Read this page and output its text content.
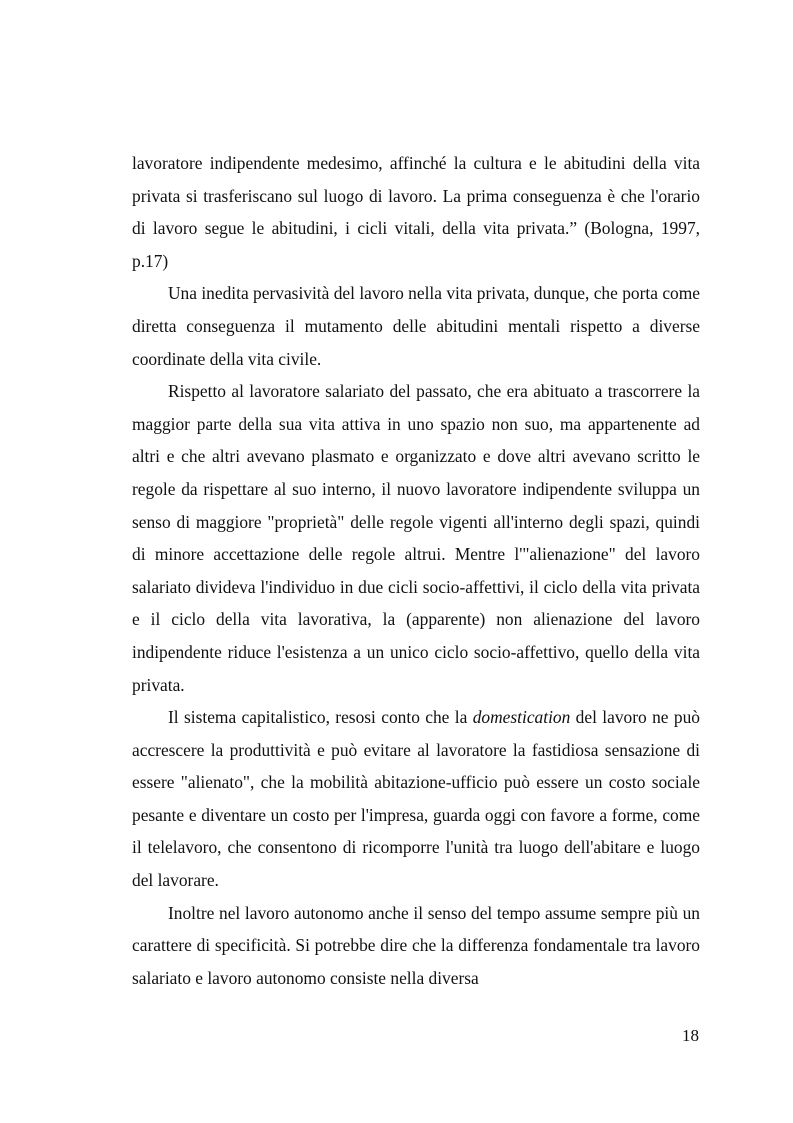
lavoratore indipendente medesimo, affinché la cultura e le abitudini della vita privata si trasferiscano sul luogo di lavoro. La prima conseguenza è che l'orario di lavoro segue le abitudini, i cicli vitali, della vita privata.” (Bologna, 1997, p.17)

Una inedita pervasività del lavoro nella vita privata, dunque, che porta come diretta conseguenza il mutamento delle abitudini mentali rispetto a diverse coordinate della vita civile.

Rispetto al lavoratore salariato del passato, che era abituato a trascorrere la maggior parte della sua vita attiva in uno spazio non suo, ma appartenente ad altri e che altri avevano plasmato e organizzato e dove altri avevano scritto le regole da rispettare al suo interno, il nuovo lavoratore indipendente sviluppa un senso di maggiore "proprietà" delle regole vigenti all'interno degli spazi, quindi di minore accettazione delle regole altrui. Mentre l'"alienazione" del lavoro salariato divideva l'individuo in due cicli socio-affettivi, il ciclo della vita privata e il ciclo della vita lavorativa, la (apparente) non alienazione del lavoro indipendente riduce l'esistenza a un unico ciclo socio-affettivo, quello della vita privata.

Il sistema capitalistico, resosi conto che la domestication del lavoro ne può accrescere la produttività e può evitare al lavoratore la fastidiosa sensazione di essere "alienato", che la mobilità abitazione-ufficio può essere un costo sociale pesante e diventare un costo per l'impresa, guarda oggi con favore a forme, come il telelavoro, che consentono di ricomporre l'unità tra luogo dell'abitare e luogo del lavorare.

Inoltre nel lavoro autonomo anche il senso del tempo assume sempre più un carattere di specificità. Si potrebbe dire che la differenza fondamentale tra lavoro salariato e lavoro autonomo consiste nella diversa

18
